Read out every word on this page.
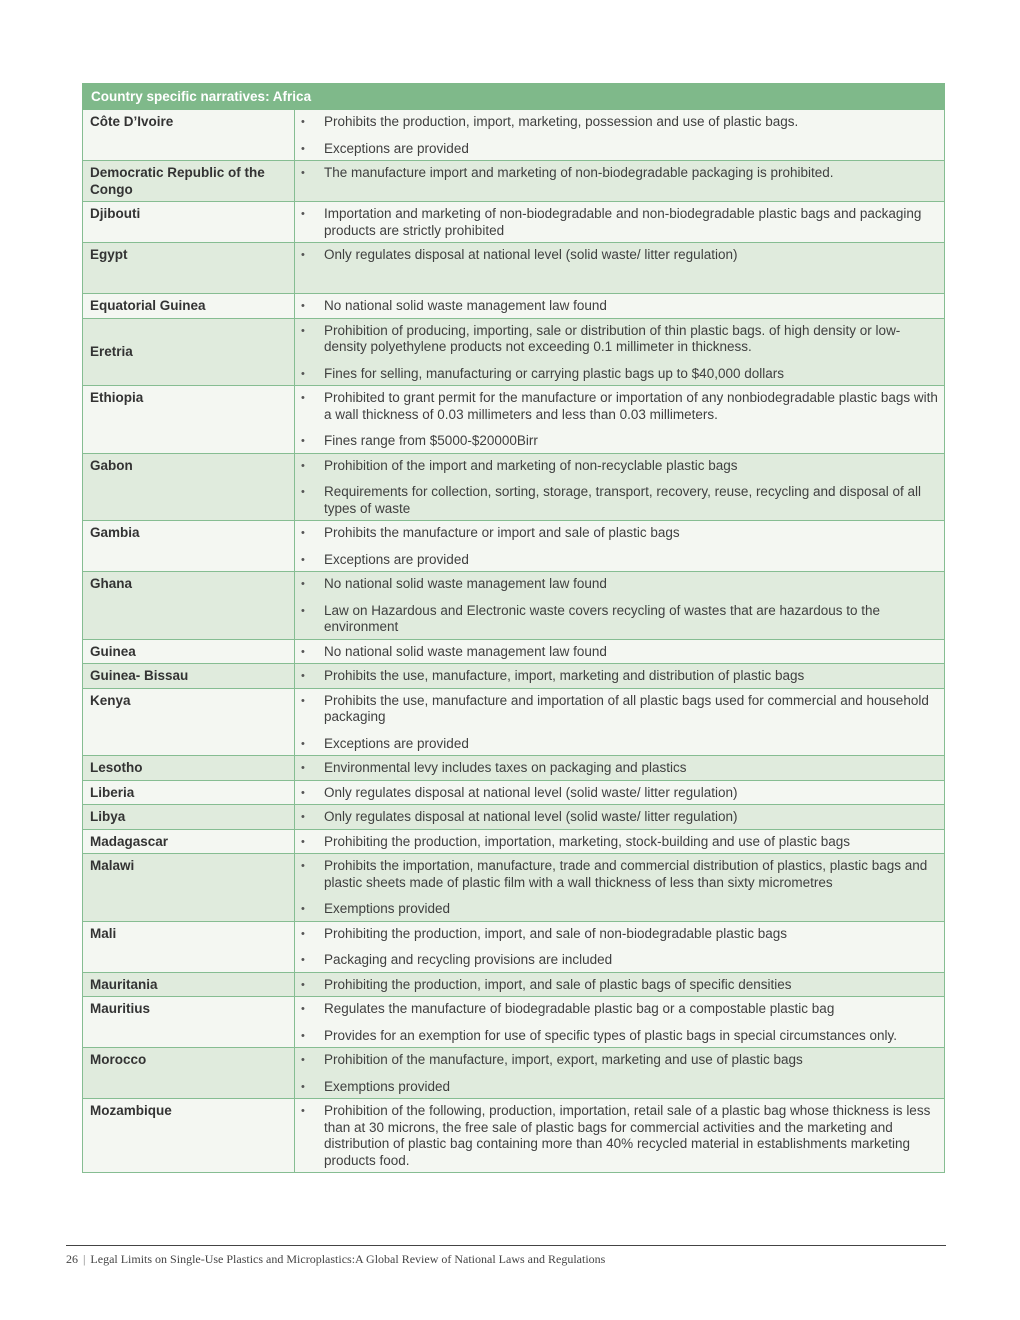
Country specific narratives: Africa	
Côte D’Ivoire	• Prohibits the production, import, marketing, possession and use of plastic bags.
• Exceptions are provided

Democratic Republic of the Congo	• The manufacture import and marketing of non-biodegradable packaging is prohibited.

Djibouti	• Importation and marketing of non-biodegradable and non-biodegradable plastic bags and packaging products are strictly prohibited

Egypt	• Only regulates disposal at national level (solid waste/ litter regulation)

Equatorial Guinea	• No national solid waste management law found

Eretria	• Prohibition of producing, importing, sale or distribution of thin plastic bags. of high density or low-density polyethylene products not exceeding 0.1 millimeter in thickness.
• Fines for selling, manufacturing or carrying plastic bags up to $40,000 dollars

Ethiopia	• Prohibited to grant permit for the manufacture or importation of any nonbiodegradable plastic bags with a wall thickness of 0.03 millimeters and less than 0.03 millimeters.
• Fines range from $5000-$20000Birr

Gabon	• Prohibition of the import and marketing of non-recyclable plastic bags
• Requirements for collection, sorting, storage, transport, recovery, reuse, recycling and disposal of all types of waste

Gambia	• Prohibits the manufacture or import and sale of plastic bags
• Exceptions are provided

Ghana	• No national solid waste management law found
• Law on Hazardous and Electronic waste covers recycling of wastes that are hazardous to the environment

Guinea	• No national solid waste management law found

Guinea- Bissau	• Prohibits the use, manufacture, import, marketing and distribution of plastic bags

Kenya	• Prohibits the use, manufacture and importation of all plastic bags used for commercial and household packaging
• Exceptions are provided

Lesotho	• Environmental levy includes taxes on packaging and plastics

Liberia	• Only regulates disposal at national level (solid waste/ litter regulation)

Libya	• Only regulates disposal at national level (solid waste/ litter regulation)

Madagascar	• Prohibiting the production, importation, marketing, stock-building and use of plastic bags

Malawi	• Prohibits the importation, manufacture, trade and commercial distribution of plastics, plastic bags and plastic sheets made of plastic film with a wall thickness of less than sixty micrometres
• Exemptions provided

Mali	• Prohibiting the production, import, and sale of non-biodegradable plastic bags
• Packaging and recycling provisions are included

Mauritania	• Prohibiting the production, import, and sale of plastic bags of specific densities

Mauritius	• Regulates the manufacture of biodegradable plastic bag or a compostable plastic bag
• Provides for an exemption for use of specific types of plastic bags in special circumstances only.

Morocco	• Prohibition of the manufacture, import, export, marketing and use of plastic bags
• Exemptions provided

Mozambique	• Prohibition of the following, production, importation, retail sale of a plastic bag whose thickness is less than at 30 microns, the free sale of plastic bags for commercial activities and the marketing and distribution of plastic bag containing more than 40% recycled material in establishments marketing products food.
26 | Legal Limits on Single-Use Plastics and Microplastics:A Global Review of National Laws and Regulations
